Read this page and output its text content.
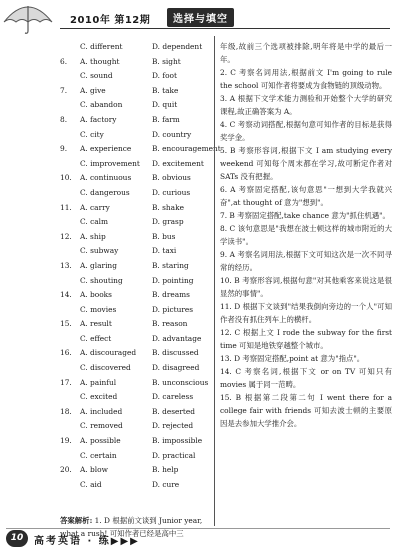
2010年 第12期	选择与填空
C. different	D. dependent
6. A. thought	B. sight
C. sound	D. foot
7. A. give	B. take
C. abandon	D. quit
8. A. factory	B. farm
C. city	D. country
9. A. experience	B. encouragement
C. improvement D. excitement
10. A. continuous	B. obvious
C. dangerous	D. curious
11. A. carry	B. shake
C. calm	D. grasp
12. A. ship	B. bus
C. subway	D. taxi
13. A. glaring	B. staring
C. shouting	D. pointing
14. A. books	B. dreams
C. movies	D. pictures
15. A. result	B. reason
C. effect	D. advantage
16. A. discouraged B. discussed
C. discovered	D. disagreed
17. A. painful	B. unconscious
C. excited	D. careless
18. A. included	B. deserted
C. removed	D. rejected
19. A. possible	B. impossible
C. certain	D. practical
20. A. blow	B. help
C. aid	D. cure
答案解析: 1. D 根据前文谈到 Junior year, what a rush! 可知作者已经是高中三

年级,故前三个选项被排除,明年将是中学的最后一年。

2. C 考察名词用法,根据前文 I'm going to rule the school 可知作者将要成为食物链的顶级动物。

3. A 根据下文学术能力测验和开始整个大学的研究课程,故正确答案为 A。

4. C 考察动词搭配,根据句意可知作者的目标是获得奖学金。

5. B 考察形容词,根据下文 I am studying every weekend 可知每个周末都在学习,故可断定作者对 SATs 没有把握。

6. A 考察固定搭配,该句意思"一想到大学我就兴奋",at thought of 意为"想到"。

7. B 考察固定搭配,take chance 意为"抓住机遇"。

8. C 该句意思是"我想在波士顿这样的城市附近的大学读书"。

9. A 考察名词用法,根据下文可知这次是一次不同寻常的经历。

10. B 考察形容词,根据句意"对其他乘客来说这是很显然的事情"。

11. D 根据下文谈到"结果我倒向旁边的一个人"可知作者没有抓住列车上的横杆。

12. C 根据上文 I rode the subway for the first time 可知是地铁穿越整个城市。

13. D 考察固定搭配,point at 意为"指点"。

14. C 考察名词,根据下文 or on TV 可知只有 movies 属于同一范畴。

15. B 根据第二段第二句 I went there for a college fair with friends 可知去波士顿的主要原因是去参加大学推介会。

10	高考英语 · 练▶▶▶
